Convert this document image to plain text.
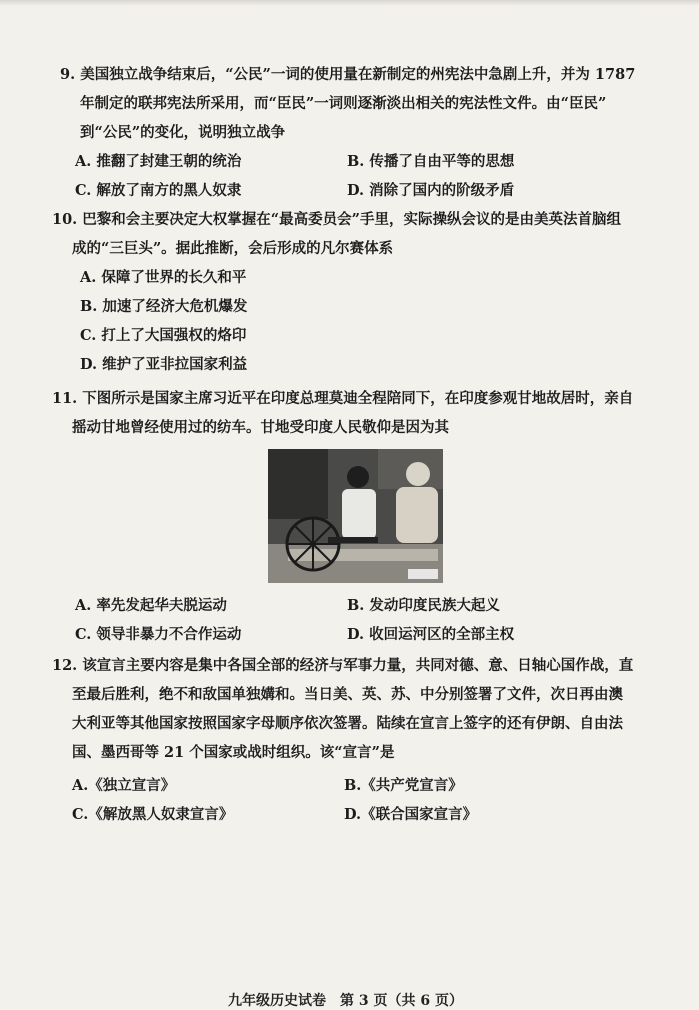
9. 美国独立战争结束后，“公民”一词的使用量在新制定的州宪法中急剧上升，并为 1787
年制定的联邦宪法所采用，而“臣民”一词则逐渐淡出相关的宪法性文件。由“臣民”
到“公民”的变化，说明独立战争
A. 推翻了封建王朝的统治	B. 传播了自由平等的思想
C. 解放了南方的黑人奴隶	D. 消除了国内的阶级矛盾
10. 巴黎和会主要决定大权掌握在“最高委员会”手里，实际操纵会议的是由美英法首脑组
成的“三巨头”。据此推断，会后形成的凡尔赛体系
A. 保障了世界的长久和平
B. 加速了经济大危机爆发
C. 打上了大国强权的烙印
D. 维护了亚非拉国家利益
11. 下图所示是国家主席习近平在印度总理莫迪全程陪同下，在印度参观甘地故居时，亲自
摇动甘地曾经使用过的纺车。甘地受印度人民敬仰是因为其
A. 率先发起华夫脱运动	B. 发动印度民族大起义
C. 领导非暴力不合作运动	D. 收回运河区的全部主权
12. 该宣言主要内容是集中各国全部的经济与军事力量，共同对德、意、日轴心国作战，直
至最后胜利，绝不和敌国单独媾和。当日美、英、苏、中分别签署了文件，次日再由澳
大利亚等其他国家按照国家字母顺序依次签署。陆续在宣言上签字的还有伊朗、自由法
国、墨西哥等 21 个国家或战时组织。该“宣言”是
A.《独立宣言》	B.《共产党宣言》
C.《解放黑人奴隶宣言》	D.《联合国家宣言》
九年级历史试卷　第 3 页（共 6 页）
